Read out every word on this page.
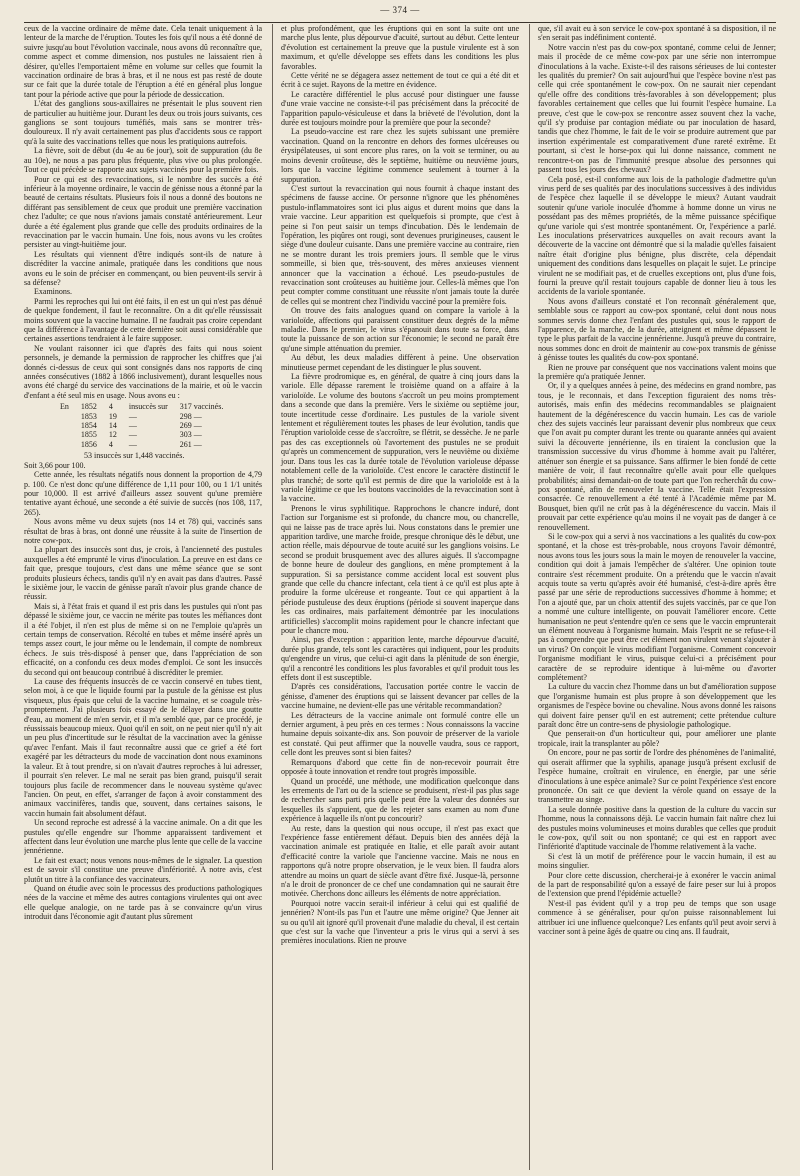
— 374 —

ceux de la vaccine ordinaire de même date. Cela tenait uniquement à la lenteur de la marche de l'éruption. Toutes les fois qu'il nous a été donné de suivre jusqu'au bout l'évolution vaccinale, nous avons dû reconnaître que, comme aspect et comme dimension, nos pustules ne laissaient rien à désirer, qu'elles l'emportaient même en volume sur celles que fournit la vaccination ordinaire de bras à bras, et il ne nous est pas resté de doute sur ce fait que la durée totale de l'éruption a été en général plus longue tant pour la période active que pour la période de dessiccation.

L'état des ganglions sous-axillaires ne présentait le plus souvent rien de particulier au huitième jour. Durant les deux ou trois jours suivants, ces ganglions se sont toujours tuméfiés, mais sans se montrer très-douloureux. Il n'y avait certainement pas plus d'accidents sous ce rapport qu'à la suite des vaccinations telles que nous les pratiquions autrefois.

La fièvre, soit de début (du 4e au 6e jour), soit de suppuration (du 8e au 10e), ne nous a pas paru plus fréquente, plus vive ou plus prolongée. Tout ce qui précède se rapporte aux sujets vaccinés pour la première fois.

Pour ce qui est des revaccinations, si le nombre des succès a été inférieur à la moyenne ordinaire, le vaccin de génisse nous a étonné par la beauté de certains résultats. Plusieurs fois il nous a donné des boutons ne différant pas sensiblement de ceux que produit une première vaccination chez l'adulte; ce que nous n'avions jamais constaté antérieurement. Leur durée a été également plus grande que celle des produits ordinaires de la revaccination par le vaccin humain. Une fois, nous avons vu les croûtes persister au vingt-huitième jour.

Les résultats qui viennent d'être indiqués sont-ils de nature à discréditer la vaccine animale, pratiquée dans les conditions que nous avons eu le soin de préciser en commençant, ou bien peuvent-ils servir à sa défense?

Examinons.

Parmi les reproches qui lui ont été faits, il en est un qui n'est pas dénué de quelque fondement, il faut le reconnaître. On a dit qu'elle réussissait moins souvent que la vaccine humaine. Il ne faudrait pas croire cependant que la différence à l'avantage de cette dernière soit aussi considérable que certaines assertions tendraient à le faire supposer.

Ne voulant raisonner ici que d'après des faits qui nous soient personnels, je demande la permission de rapprocher les chiffres que j'ai donnés ci-dessus de ceux qui sont consignés dans nos rapports de cinq années consécutives (1882 à 1866 inclusivement), durant lesquelles nous avons été chargé du service des vaccinations de la mairie, et où le vaccin d'enfant a été seul mis en usage. Nous avons eu :

En	1852	4	insuccès sur	317 vaccinés.
	1853	19	—	298 —
	1854	14	—	269 —
	1855	12	—	303 —
	1856	4	—	261 —

53 insuccès sur 1,448 vaccinés.

Soit 3,66 pour 100.

Cette année, les résultats négatifs nous donnent la proportion de 4,79 p. 100. Ce n'est donc qu'une différence de 1,11 pour 100, ou 1 1/1 unités pour 10,000. Il est arrivé d'ailleurs assez souvent qu'une première tentative ayant échoué, une seconde a été suivie de succès (nos 108, 117, 265).

Nous avons même vu deux sujets (nos 14 et 78) qui, vaccinés sans résultat de bras à bras, ont donné une réussite à la suite de l'insertion de notre cow-pox.

La plupart des insuccès sont dus, je crois, à l'ancienneté des pustules auxquelles a été emprunté le virus d'inoculation. La preuve en est dans ce fait que, presque toujours, c'est dans une même séance que se sont produits plusieurs échecs, tandis qu'il n'y en avait pas dans d'autres. Passé le sixième jour, le vaccin de génisse paraît n'avoir plus grande chance de réussir.

Mais si, à l'état frais et quand il est pris dans les pustules qui n'ont pas dépassé le sixième jour, ce vaccin ne mérite pas toutes les méfiances dont il a été l'objet, il n'en est plus de même si on ne l'emploie qu'après un certain temps de conservation. Récolté en tubes et même inséré après un temps assez court, le jour même ou le lendemain, il compte de nombreux échecs. Je suis très-disposé à penser que, dans l'appréciation de son efficacité, on a confondu ces deux modes d'emploi. Ce sont les insuccès du second qui ont beaucoup contribué à discréditer le premier.

La cause des fréquents insuccès de ce vaccin conservé en tubes tient, selon moi, à ce que le liquide fourni par la pustule de la génisse est plus visqueux, plus épais que celui de la vaccine humaine, et se coagule très-promptement. J'ai plusieurs fois essayé de le délayer dans une goutte d'eau, au moment de m'en servir, et il m'a semblé que, par ce procédé, je réussissais beaucoup mieux. Quoi qu'il en soit, on ne peut nier qu'il n'y ait un peu plus d'incertitude sur le résultat de la vaccination avec la génisse qu'avec l'enfant. Mais il faut reconnaître aussi que ce grief a été fort exagéré par les détracteurs du mode de vaccination dont nous examinons la valeur. Et à tout prendre, si on n'avait d'autres reproches à lui adresser, il pourrait s'en relever. Le mal ne serait pas bien grand, puisqu'il serait toujours plus facile de recommencer dans le nouveau système qu'avec l'ancien. On peut, en effet, s'arranger de façon à avoir constamment des animaux vaccinifères, tandis que, souvent, dans certaines saisons, le vaccin humain fait absolument défaut.

Un second reproche est adressé à la vaccine animale. On a dit que les pustules qu'elle engendre sur l'homme apparaissent tardivement et affectent dans leur évolution une marche plus lente que celle de la vaccine jennérienne.

Le fait est exact; nous venons nous-mêmes de le signaler. La question est de savoir s'il constitue une preuve d'infériorité. A notre avis, c'est plutôt un titre à la confiance des vaccinateurs.

Quand on étudie avec soin le processus des productions pathologiques nées de la vaccine et même des autres contagions virulentes qui ont avec elle quelque analogie, on ne tarde pas à se convaincre qu'un virus introduit dans l'économie agit d'autant plus sûrement

et plus profondément, que les éruptions qui en sont la suite ont une marche plus lente, plus dépourvue d'acuité, surtout au début. Cette lenteur d'évolution est certainement la preuve que la pustule virulente est à son maximum, et qu'elle développe ses effets dans les conditions les plus favorables.

Cette vérité ne se dégagera assez nettement de tout ce qui a été dit et écrit à ce sujet. Rayons de la mettre en évidence.

Le caractère différentiel le plus accusé pour distinguer une fausse d'une vraie vaccine ne consiste-t-il pas précisément dans la précocité de l'apparition papulo-vésiculeuse et dans la brièveté de l'évolution, dont la durée est toujours moindre pour la première que pour la seconde?

La pseudo-vaccine est rare chez les sujets subissant une première vaccination. Quand on la rencontre en dehors des formes ulcéreuses ou érysipélateuses, ui sont encore plus rares, on la voit se terminer, ou au moins devenir croûteuse, dès le septième, huitième ou neuvième jours, lors que la vaccine légitime commence seulement à tourner à la suppuration.

C'est surtout la revaccination qui nous fournit à chaque instant des spécimens de fausse accine. Or personne n'ignore que les phénomènes pustulo-inflammatoires sont ici plus aigus et durent moins que dans la vraie vaccine. Leur apparition est quelquefois si prompte, que c'est à peine si l'on peut saisir un temps d'incubation. Dès le lendemain de l'opération, les piqûres ont rougi, sont devenues prurigineuses, causent le siège d'une douleur cuisante. Dans une première vaccine au contraire, rien ne se montre durant les trois premiers jours. Il semble que le virus sommeille, si bien que, très-souvent, des mères anxieuses viennent annoncer que la vaccination a échoué. Les pseudo-pustules de revaccination sont croûteuses au huitième jour. Celles-là mêmes que l'on peut compter comme constituant une réussite n'ont jamais toute la durée de celles qui se montrent chez l'individu vacciné pour la première fois.

On trouve des faits analogues quand on compare la variole à la varioloïde, affections qui paraissent constituer deux degrés de la même maladie. Dans le premier, le virus s'épanouit dans toute sa force, dans toute la puissance de son action sur l'économie; le second ne paraît être qu'une simple atténuation du premier.

Au début, les deux maladies diffèrent à peine. Une observation minutieuse permet cependant de les distinguer le plus souvent.

La fièvre prodromique es, en général, de quatre à cinq jours dans la variole. Elle dépasse rarement le troisième quand on a affaire à la varioloïde. Le volume des boutons s'accroît un peu moins promptement dans a seconde que dans la première. Vers le sixième ou septième jour, toute incertitude cesse d'ordinaire. Les pustules de la variole sivent lentement et régulièrement toutes les phases de leur évolution, tandis que l'éruption varioloïde cesse de s'accroître, se flétrit, se dessèche. Je ne parle pas des cas exceptionnels où l'avortement des pustules ne se produit qu'après un commencement de suppuration, vers le neuvième ou dixième jour. Dans tous les cas la durée totale de l'évolution varioleuse dépasse notablement celle de la varioloïde. C'est encore le caractère distinctif le plus tranché; de sorte qu'il est permis de dire que la varioloïde est à la variole légitime ce que les boutons vaccinoïdes de la revaccination sont à la vaccine.

Prenons le virus syphilitique. Rapprochons le chancre induré, dont l'action sur l'organisme est si profonde, du chancre mou, ou chancrelle, qui ne laisse pas de trace après lui. Nous constatons dans le premier une apparition tardive, une marche froide, presque chronique dès le début, une action réelle, mais dépourvue de toute acuité sur les ganglions voisins. Le second se produit brusquement avec des allures aiguës. Il s'accompagne de bonne heure de douleur des ganglions, en mène promptement à la suppuration. Si sa persistance comme accident local est souvent plus grande que celle du chancre infectant, cela tient à ce qu'il est plus apte à produire la forme ulcéreuse et rongeante. Tout ce qui appartient à la période pustuleuse des deux éruptions (période si souvent inaperçue dans les cas ordinaires, mais parfaitement démontrée par les inoculations artificielles) s'accomplit moins rapidement pour le chancre infectant que pour le chancre mou.

Ainsi, pas d'exception : apparition lente, marche dépourvue d'acuité, durée plus grande, tels sont les caractères qui indiquent, pour les produits qu'engendre un virus, que celui-ci agit dans la plénitude de son énergie, qu'il a rencontré les conditions les plus favorables et qu'il produit tous les effets dont il est susceptible.

D'après ces considérations, l'accusation portée contre le vaccin de génisse, d'amener des éruptions qui se laissent devancer par celles de la vaccine humaine, ne devient-elle pas une véritable recommandation?

Les détracteurs de la vaccine animale ont formulé contre elle un dernier argument, à peu près en ces termes : Nous connaissons la vaccine humaine depuis soixante-dix ans. Son pouvoir de préserver de la variole est constaté. Qui peut affirmer que la nouvelle vaudra, sous ce rapport, celle dont les preuves sont si bien faites?

Remarquons d'abord que cette fin de non-recevoir pourrait être opposée à toute innovation et rendre tout progrès impossible.

Quand un procédé, une méthode, une modification quelconque dans les errements de l'art ou de la science se produisent, n'est-il pas plus sage de rechercher sans parti pris quelle peut être la valeur des données sur lesquelles ils s'appuient, que de les rejeter sans examen au nom d'une expérience à laquelle ils n'ont pu concourir?

Au reste, dans la question qui nous occupe, il n'est pas exact que l'expérience fasse entièrement défaut. Depuis bien des années déjà la vaccination animale est pratiquée en Italie, et elle paraît avoir autant d'efficacité contre la variole que l'ancienne vaccine. Mais ne nous en rapportons qu'à notre propre observation, je le veux bien. Il faudra alors attendre au moins un quart de siècle avant d'être fixé. Jusque-là, personne n'a le droit de prononcer de ce chef une condamnation qui ne saurait être motivée. Cherchons donc ailleurs les éléments de notre appréciation.

Pourquoi notre vaccin serait-il inférieur à celui qui est qualifié de jennérien? N'ont-ils pas l'un et l'autre une même origine? Que Jenner ait su ou qu'il ait ignoré qu'il provenait d'une maladie du cheval, il est certain que c'est sur la vache que l'inventeur a pris le virus qui a servi à ses premières inoculations. Rien ne prouve

que, s'il avait eu à son service le cow-pox spontané à sa disposition, il ne s'en serait pas indéfiniment contenté.

Notre vaccin n'est pas du cow-pox spontané, comme celui de Jenner; mais il procède de ce même cow-pox par une série non interrompue d'inoculations à la vache. Existe-t-il des raisons sérieuses de lui contester les qualités du premier? On sait aujourd'hui que l'espèce bovine n'est pas celle qui crée spontanément le cow-pox. On ne saurait nier cependant qu'elle offre des conditions très-favorables à son développement; plus favorables certainement que celles que lui fournit l'espèce humaine. La preuve, c'est que le cow-pox se rencontre assez souvent chez la vache, qu'il s'y produise par contagion médiate ou par inoculation de hasard, tandis que chez l'homme, le fait de le voir se produire autrement que par insertion expérimentale est comparativement d'une rareté extrême. Et pourtant, si c'est le horse-pox qui lui donne naissance, comment ne rencontre-t-on pas de l'immunité presque absolue des personnes qui passent tous les jours des chevaux?

Cela posé, est-il conforme aux lois de la pathologie d'admettre qu'un virus perd de ses qualités par des inoculations successives à des individus de l'espèce chez laquelle il se développe le mieux? Autant vaudrait soutenir qu'une variole inoculée d'homme à homme donne un virus ne possédant pas des mêmes propriétés, de la même puissance spécifique qu'une variole qui s'est montrée spontanément. Or, l'expérience a parlé. Les inoculations préservatrices auxquelles on avait recours avant la découverte de la vaccine ont démontré que si la maladie qu'elles faisaient naître était d'origine plus bénigne, plus discrète, cela dépendait uniquement des conditions dans lesquelles on plaçait le sujet. Le principe virulent ne se modifiait pas, et de cruelles exceptions ont, plus d'une fois, fourni la preuve qu'il restait toujours capable de donner lieu à tous les accidents de la variole spontanée.

Nous avons d'ailleurs constaté et l'on reconnaît généralement que, semblable sous ce rapport au cow-pox spontané, celui dont nous nous sommes servis donne chez l'enfant des pustules qui, sous le rapport de l'apparence, de la marche, de la durée, atteignent et même dépassent le type le plus parfait de la vaccine jennérienne. Jusqu'à preuve du contraire, nous sommes donc en droit de maintenir au cow-pox transmis de génisse à génisse toutes les qualités du cow-pox spontané.

Rien ne prouve par conséquent que nos vaccinations valent moins que la première qu'a pratiquée Jenner.

Or, il y a quelques années à peine, des médecins en grand nombre, pas tous, je le reconnais, et dans l'exception figuraient des noms très-autorisés, mais enfin des médecins recommandables se plaignaient hautement de la dégénérescence du vaccin humain. Les cas de variole chez des sujets vaccinés leur paraissant devenir plus nombreux que ceux que l'on avait pu compter durant les trente ou quarante années qui avaient suivi la découverte jennérienne, ils en tiraient la conclusion que la transmission successive du virus d'homme à homme avait pu l'altérer, atténuer son énergie et sa puissance. Sans affirmer le bien fondé de cette manière de voir, il faut reconnaître qu'elle avait pour elle quelques probabilités; ainsi demandait-on de toute part que l'on recherchât du cow-pox spontané, afin de renouveler la vaccine. Telle était l'expression consacrée. Ce renouvellement a été tenté à l'Académie même par M. Bousquet, bien qu'il ne crût pas à la dégénérescence du vaccin. Mais il prouvait par cette expérience qu'au moins il ne voyait pas de danger à ce renouvellement.

Si le cow-pox qui a servi à nos vaccinations a les qualités du cow-pox spontané, et la chose est très-probable, nous croyons l'avoir démontré, nous avons tous les jours sous la main le moyen de renouveler la vaccine, condition qui doit à jamais l'empêcher de s'altérer. Une opinion toute contraire s'est récemment produite. On a prétendu que le vaccin n'avait acquis toute sa vertu qu'après avoir été humanisé, c'est-à-dire après être passé par une série de reproductions successives d'homme à homme; et l'on a ajouté que, par un choix attentif des sujets vaccinés, par ce que l'on a nommé une culture intelligente, on pouvait l'améliorer encore. Cette humanisation ne peut s'entendre qu'en ce sens que le vaccin emprunterait un élément nouveau à l'organisme humain. Mais l'esprit ne se refuse-t-il pas à comprendre que peut être cet élément non virulent venant s'ajouter à un virus? On conçoit le virus modifiant l'organisme. Comment concevoir l'organisme modifiant le virus, puisque celui-ci a précisément pour caractère de se reproduire identique à lui-même ou d'avorter complétement?

La culture du vaccin chez l'homme dans un but d'amélioration suppose que l'organisme humain est plus propre à son développement que les organismes de l'espèce bovine ou chevaline. Nous avons donné les raisons qui doivent faire penser qu'il en est autrement; cette prétendue culture paraît donc être un contre-sens de physiologie pathologique.

Que penserait-on d'un horticulteur qui, pour améliorer une plante tropicale, irait la transplanter au pôle?

On encore, pour ne pas sortir de l'ordre des phénomènes de l'animalité, qui oserait affirmer que la syphilis, apanage jusqu'à présent exclusif de l'espèce humaine, croîtrait en virulence, en énergie, par une série d'inoculations à une espèce animale? Sur ce point l'expérience s'est encore prononcée. On sait ce que devient la vérole quand on essaye de la transmettre au singe.

La seule donnée positive dans la question de la culture du vaccin sur l'homme, nous la connaissons déjà. Le vaccin humain fait naître chez lui des pustules moins volumineuses et moins durables que celles que produit le cow-pox, qu'il soit ou non spontané; ce qui est en rapport avec l'infériorité d'aptitude vaccinale de l'homme relativement à la vache.

Si c'est là un motif de préférence pour le vaccin humain, il est au moins singulier.

Pour clore cette discussion, chercherai-je à exonérer le vaccin animal de la part de responsabilité qu'on a essayé de faire peser sur lui à propos de l'extension que prend l'épidémie actuelle?

N'est-il pas évident qu'il y a trop peu de temps que son usage commence à se généraliser, pour qu'on puisse raisonnablement lui attribuer ici une influence quelconque? Les enfants qu'il peut avoir servi à vacciner sont à peine âgés de quatre ou cinq ans. Il faudrait,
